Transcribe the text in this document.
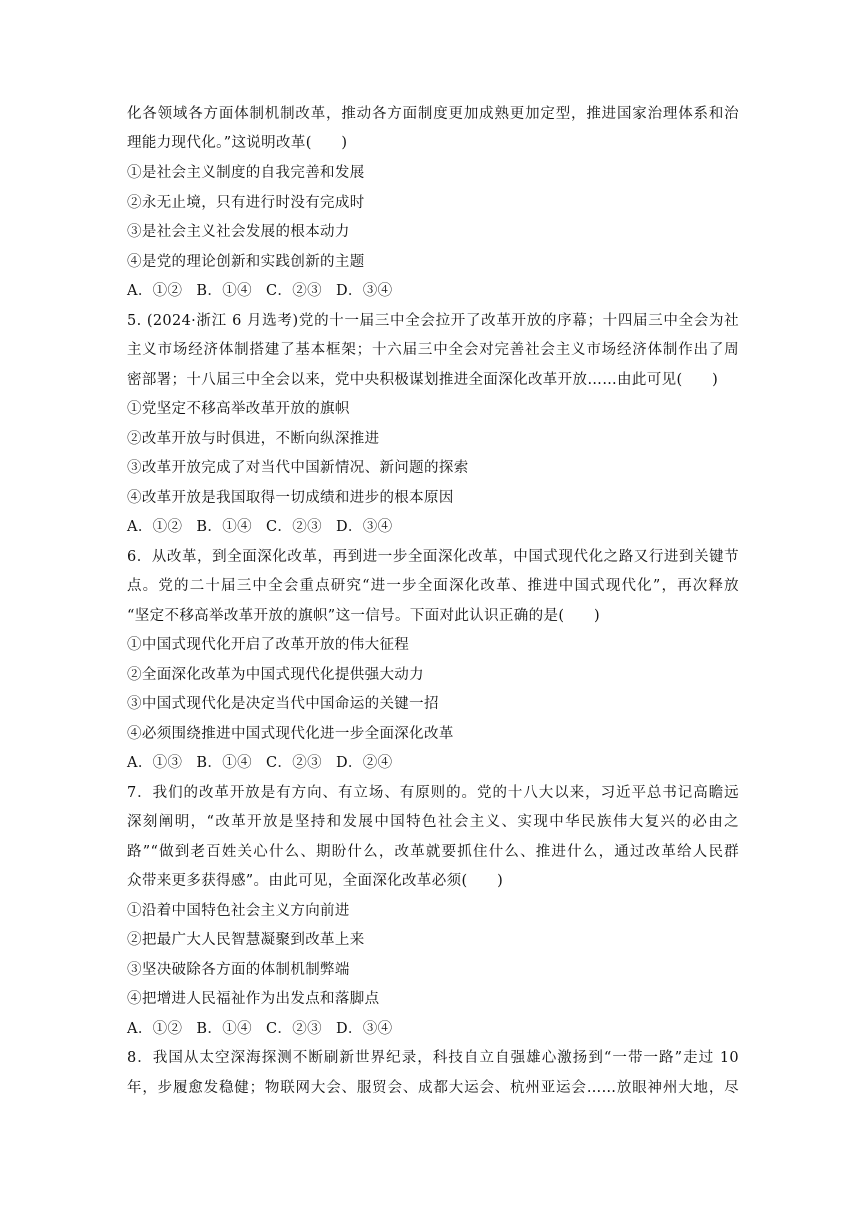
化各领域各方面体制机制改革，推动各方面制度更加成熟更加定型，推进国家治理体系和治
理能力现代化。”这说明改革(　　)
①是社会主义制度的自我完善和发展
②永无止境，只有进行时没有完成时
③是社会主义社会发展的根本动力
④是党的理论创新和实践创新的主题
A．①② B．①④ C．②③ D．③④
5. (2024·浙江 6 月选考)党的十一届三中全会拉开了改革开放的序幕；十四届三中全会为社
主义市场经济体制搭建了基本框架；十六届三中全会对完善社会主义市场经济体制作出了周
密部署；十八届三中全会以来，党中央积极谋划推进全面深化改革开放……由此可见(　　)
①党坚定不移高举改革开放的旗帜
②改革开放与时俱进，不断向纵深推进
③改革开放完成了对当代中国新情况、新问题的探索
④改革开放是我国取得一切成绩和进步的根本原因
A．①② B．①④ C．②③ D．③④
6．从改革，到全面深化改革，再到进一步全面深化改革，中国式现代化之路又行进到关键节
点。党的二十届三中全会重点研究“进一步全面深化改革、推进中国式现代化”，再次释放
“坚定不移高举改革开放的旗帜”这一信号。下面对此认识正确的是(　　)
①中国式现代化开启了改革开放的伟大征程
②全面深化改革为中国式现代化提供强大动力
③中国式现代化是决定当代中国命运的关键一招
④必须围绕推进中国式现代化进一步全面深化改革
A．①③ B．①④ C．②③ D．②④
7．我们的改革开放是有方向、有立场、有原则的。党的十八大以来，习近平总书记高瞻远
深刻阐明，“改革开放是坚持和发展中国特色社会主义、实现中华民族伟大复兴的必由之
路”“做到老百姓关心什么、期盼什么，改革就要抓住什么、推进什么，通过改革给人民群
众带来更多获得感”。由此可见，全面深化改革必须(　　)
①沿着中国特色社会主义方向前进
②把最广大人民智慧凝聚到改革上来
③坚决破除各方面的体制机制弊端
④把增进人民福祉作为出发点和落脚点
A．①② B．①④ C．②③ D．③④
8．我国从太空深海探测不断刷新世界纪录，科技自立自强雄心激扬到“一带一路”走过 10
年，步履愈发稳健；物联网大会、服贸会、成都大运会、杭州亚运会……放眼神州大地，尽
